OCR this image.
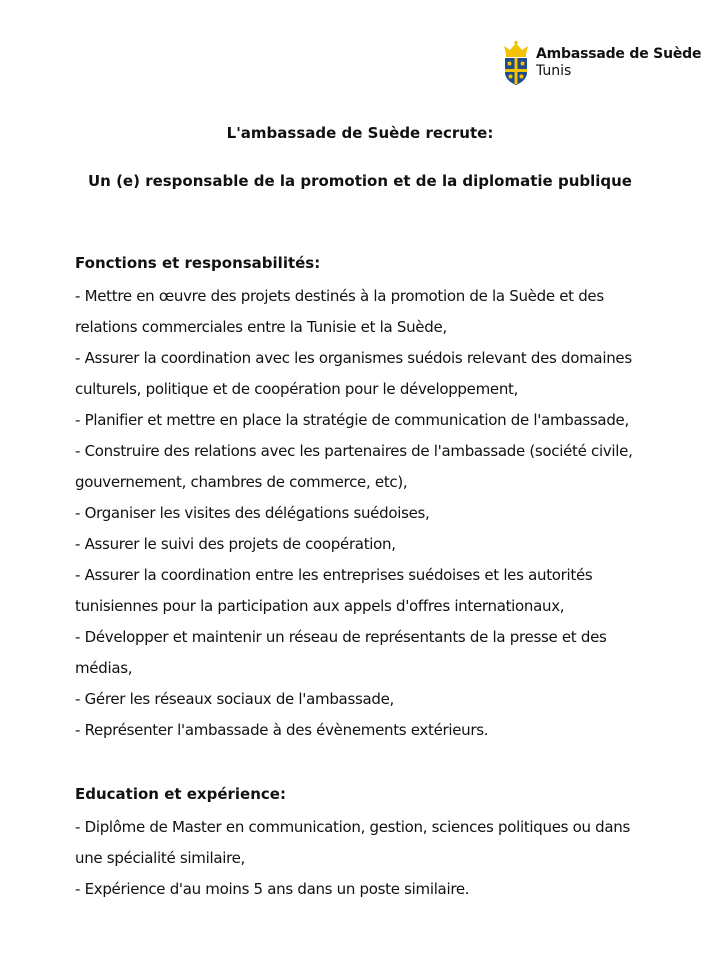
Ambassade de Suède
Tunis

L'ambassade de Suède recrute:

Un (e) responsable de la promotion et de la diplomatie publique

Fonctions et responsabilités:

- Mettre en œuvre des projets destinés à la promotion de la Suède et des
relations commerciales entre la Tunisie et la Suède,
- Assurer la coordination avec les organismes suédois relevant des domaines
culturels, politique et de coopération pour le développement,
- Planifier et mettre en place la stratégie de communication de l'ambassade,
- Construire des relations avec les partenaires de l'ambassade (société civile,
gouvernement, chambres de commerce, etc),
- Organiser les visites des délégations suédoises,
- Assurer le suivi des projets de coopération,
- Assurer la coordination entre les entreprises suédoises et les autorités
tunisiennes pour la participation aux appels d'offres internationaux,
- Développer et maintenir un réseau de représentants de la presse et des
médias,
- Gérer les réseaux sociaux de l'ambassade,
- Représenter l'ambassade à des évènements extérieurs.

Education et expérience:

- Diplôme de Master en communication, gestion, sciences politiques ou dans
une spécialité similaire,
- Expérience d'au moins 5 ans dans un poste similaire.
